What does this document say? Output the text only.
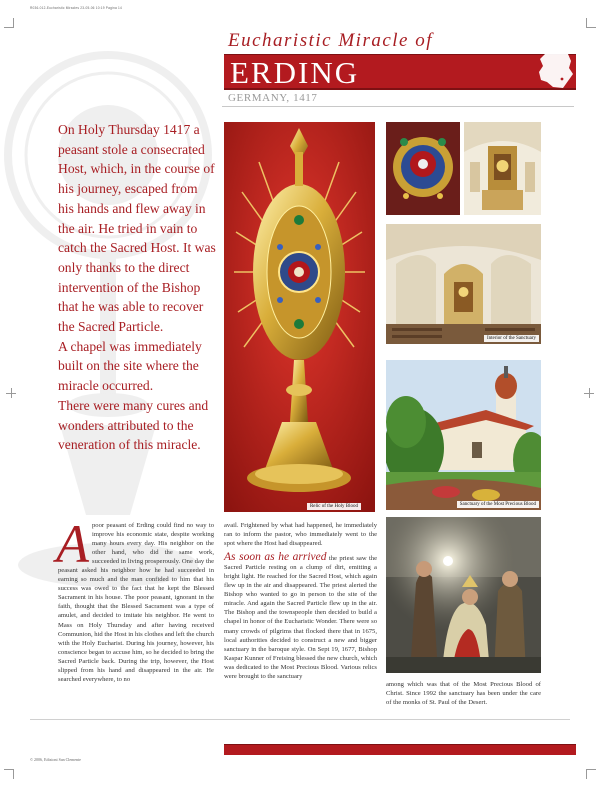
R036-012-Eucharistic Miracles 23-05-06 10:19 Pagina 14
Eucharistic Miracle of
ERDING
GERMANY, 1417

On Holy Thursday 1417 a peasant stole a consecrated Host, which, in the course of his journey, escaped from his hands and flew away in the air. He tried in vain to catch the Sacred Host. It was only thanks to the direct intervention of the Bishop that he was able to recover the Sacred Particle.

A chapel was immediately built on the site where the miracle occurred.

There were many cures and wonders attributed to the veneration of this miracle.

Relic of the Holy Blood
Interior of the Sanctuary
Sanctuary of the Most Precious Blood
A poor peasant of Erding could find no way to improve his economic state, despite working many hours every day. His neighbor on the other hand, who did the same work, succeeded in living prosperously. One day the peasant asked his neighbor how he had succeeded in earning so much and the man confided to him that his success was owed to the fact that he kept the Blessed Sacrament in his house. The poor peasant, ignorant in the faith, thought that the Blessed Sacrament was a type of amulet, and decided to imitate his neighbor. He went to Mass on Holy Thursday and after having received Communion, hid the Host in his clothes and left the church with the Holy Eucharist. During his journey, however, his conscience began to accuse him, so he decided to bring the Sacred Particle back. During the trip, however, the Host slipped from his hand and disappeared in the air. He searched everywhere, to no

avail. Frightened by what had happened, he immediately ran to inform the pastor, who immediately went to the spot where the Host had disappeared.

As soon as he arrived the priest saw the Sacred Particle resting on a clump of dirt, emitting a bright light. He reached for the Sacred Host, which again flew up in the air and disappeared. The priest alerted the Bishop who wanted to go in person to the site of the miracle. And again the Sacred Particle flew up in the air. The Bishop and the townspeople then decided to build a chapel in honor of the Eucharistic Wonder. There were so many crowds of pilgrims that flocked there that in 1675, local authorities decided to construct a new and bigger sanctuary in the baroque style. On Sept 19, 1677, Bishop Kaspar Kunner of Freising blessed the new church, which was dedicated to the Most Precious Blood. Various relics were brought to the sanctuary

among which was that of the Most Precious Blood of Christ. Since 1992 the sanctuary has been under the care of the monks of St. Paul of the Desert.

© 2006, Edizioni San Clemente
